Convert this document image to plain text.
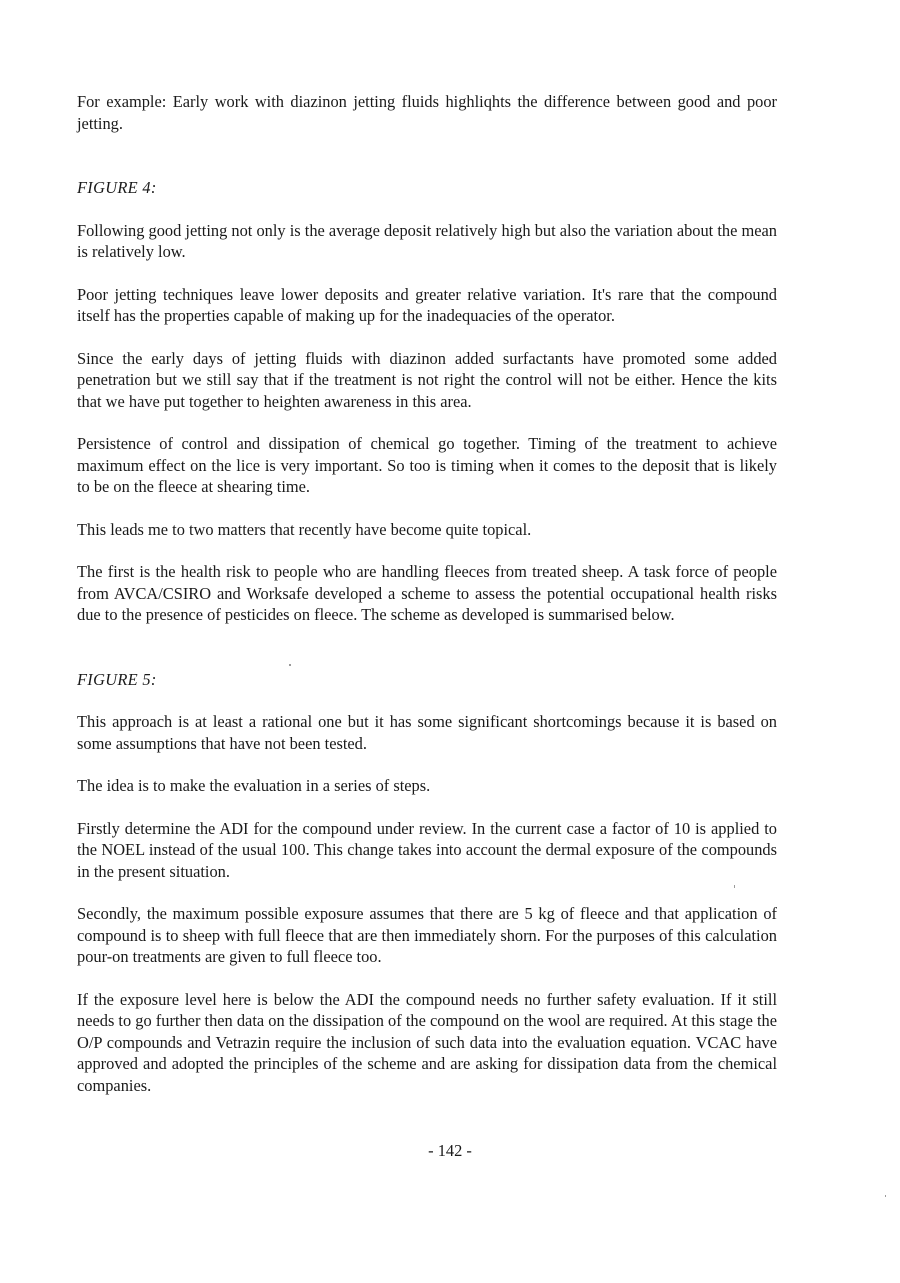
For example: Early work with diazinon jetting fluids highliqhts the difference between good and poor jetting.

FIGURE 4:

Following good jetting not only is the average deposit relatively high but also the variation about the mean is relatively low.

Poor jetting techniques leave lower deposits and greater relative variation. It's rare that the compound itself has the properties capable of making up for the inadequacies of the operator.

Since the early days of jetting fluids with diazinon added surfactants have promoted some added penetration but we still say that if the treatment is not right the control will not be either. Hence the kits that we have put together to heighten awareness in this area.

Persistence of control and dissipation of chemical go together. Timing of the treatment to achieve maximum effect on the lice is very important. So too is timing when it comes to the deposit that is likely to be on the fleece at shearing time.

This leads me to two matters that recently have become quite topical.

The first is the health risk to people who are handling fleeces from treated sheep. A task force of people from AVCA/CSIRO and Worksafe developed a scheme to assess the potential occupational health risks due to the presence of pesticides on fleece. The scheme as developed is summarised below.

FIGURE 5:

This approach is at least a rational one but it has some significant shortcomings because it is based on some assumptions that have not been tested.

The idea is to make the evaluation in a series of steps.

Firstly determine the ADI for the compound under review. In the current case a factor of 10 is applied to the NOEL instead of the usual 100. This change takes into account the dermal exposure of the compounds in the present situation.

Secondly, the maximum possible exposure assumes that there are 5 kg of fleece and that application of compound is to sheep with full fleece that are then immediately shorn. For the purposes of this calculation pour-on treatments are given to full fleece too.

If the exposure level here is below the ADI the compound needs no further safety evaluation. If it still needs to go further then data on the dissipation of the compound on the wool are required. At this stage the O/P compounds and Vetrazin require the inclusion of such data into the evaluation equation. VCAC have approved and adopted the principles of the scheme and are asking for dissipation data from the chemical companies.

- 142 -
